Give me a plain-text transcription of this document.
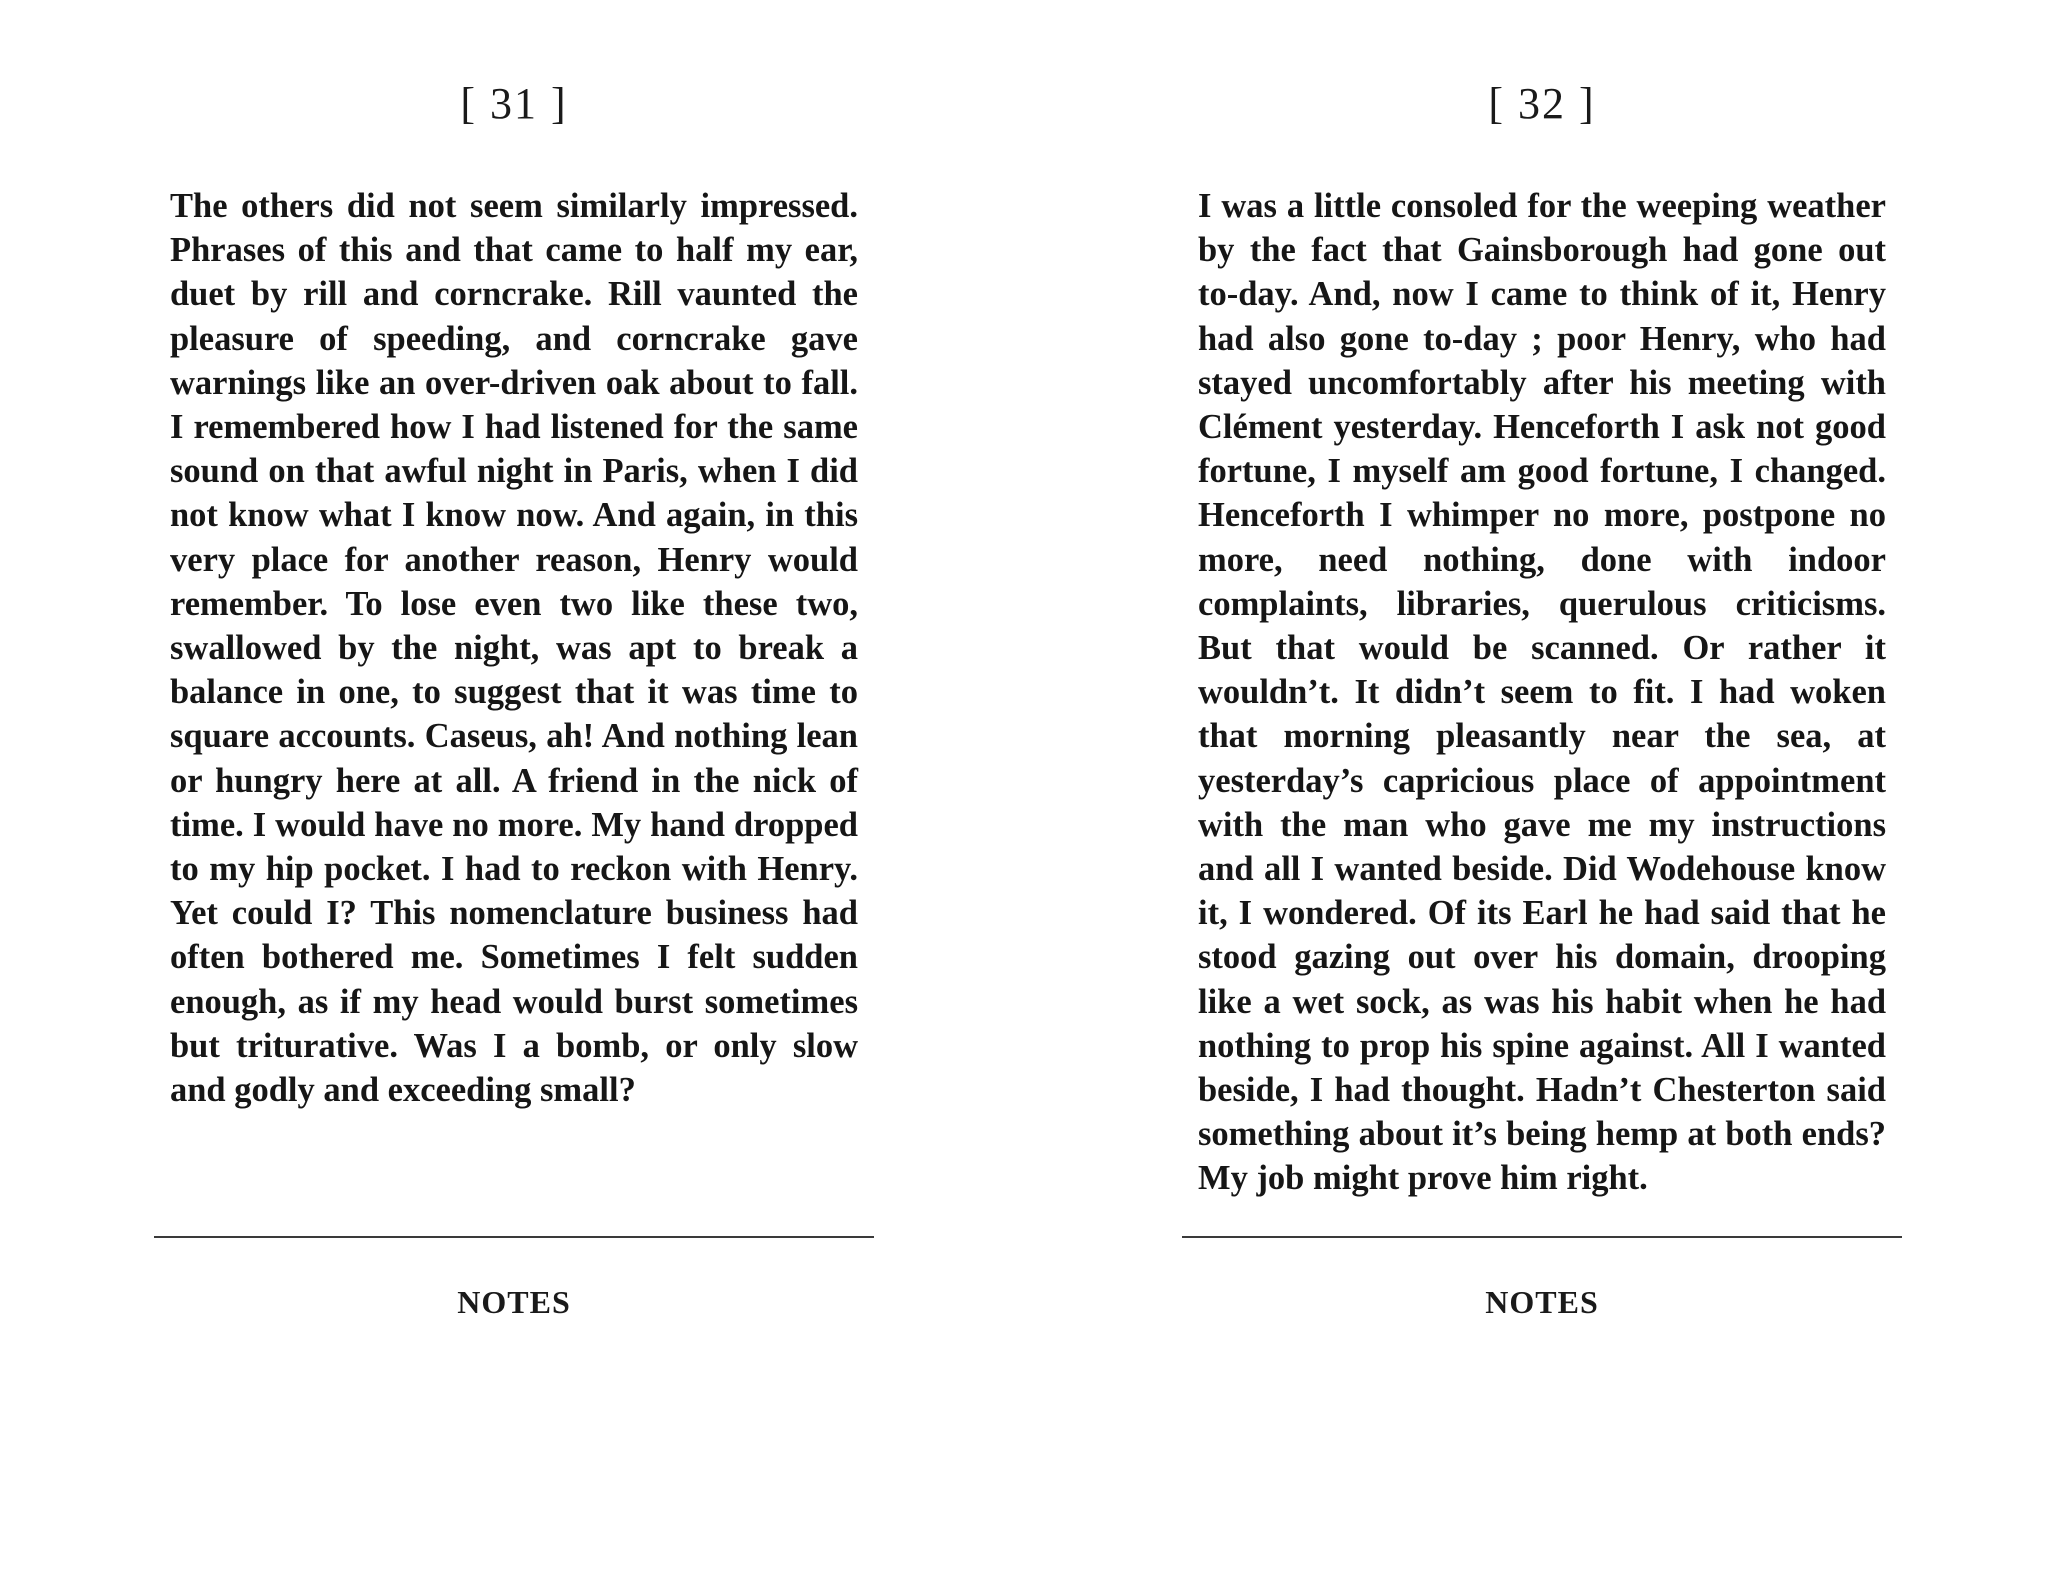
[ 31 ]

The others did not seem similarly impressed. Phrases of this and that came to half my ear, duet by rill and corncrake. Rill vaunted the pleasure of speeding, and corncrake gave warnings like an over-driven oak about to fall. I remembered how I had listened for the same sound on that awful night in Paris, when I did not know what I know now. And again, in this very place for another reason, Henry would remember. To lose even two like these two, swallowed by the night, was apt to break a balance in one, to suggest that it was time to square accounts. Caseus, ah! And nothing lean or hungry here at all. A friend in the nick of time. I would have no more. My hand dropped to my hip pocket. I had to reckon with Henry. Yet could I? This nomenclature business had often bothered me. Sometimes I felt sudden enough, as if my head would burst sometimes but triturative. Was I a bomb, or only slow and godly and exceeding small?

NOTES
[ 32 ]

I was a little consoled for the weeping weather by the fact that Gainsborough had gone out to-day. And, now I came to think of it, Henry had also gone to-day ; poor Henry, who had stayed uncomfortably after his meeting with Clément yesterday. Henceforth I ask not good fortune, I myself am good fortune, I changed. Henceforth I whimper no more, postpone no more, need nothing, done with indoor complaints, libraries, querulous criticisms. But that would be scanned. Or rather it wouldn’t. It didn’t seem to fit. I had woken that morning pleasantly near the sea, at yesterday’s capricious place of appointment with the man who gave me my instructions and all I wanted beside. Did Wodehouse know it, I wondered. Of its Earl he had said that he stood gazing out over his domain, drooping like a wet sock, as was his habit when he had nothing to prop his spine against. All I wanted beside, I had thought. Hadn’t Chesterton said something about it’s being hemp at both ends? My job might prove him right.

NOTES
